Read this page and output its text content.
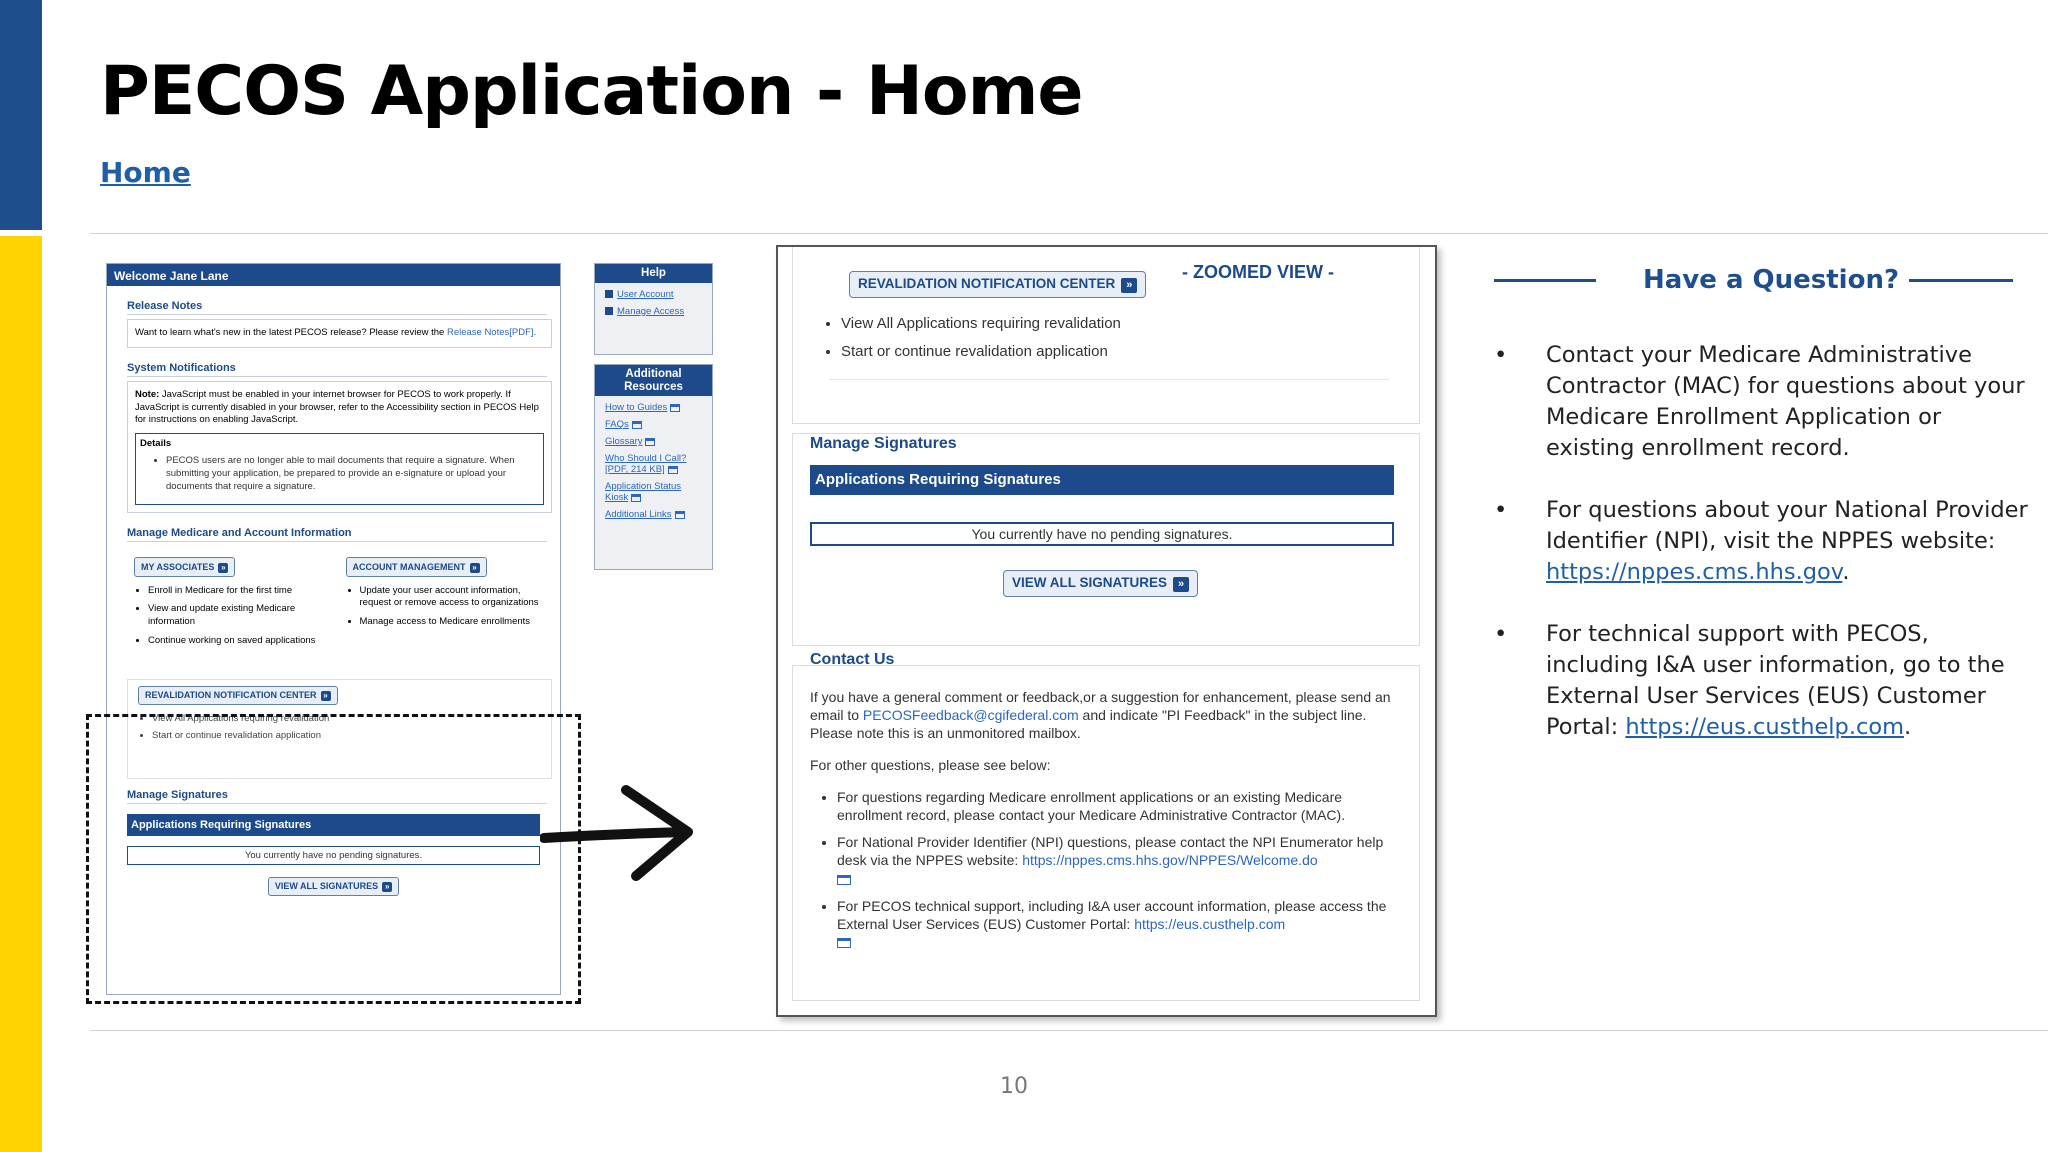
PECOS Application - Home
Home
Welcome Jane Lane
Release Notes
Want to learn what's new in the latest PECOS release? Please review the Release Notes[PDF].
System Notifications
Note: JavaScript must be enabled in your internet browser for PECOS to work properly. If JavaScript is currently disabled in your browser, refer to the Accessibility section in PECOS Help for instructions on enabling JavaScript.
Details
• PECOS users are no longer able to mail documents that require a signature. When submitting your application, be prepared to provide an e-signature or upload your documents that require a signature.
Manage Medicare and Account Information
MY ASSOCIATES »
• Enroll in Medicare for the first time
• View and update existing Medicare information
• Continue working on saved applications
ACCOUNT MANAGEMENT »
• Update your user account information, request or remove access to organizations
• Manage access to Medicare enrollments
REVALIDATION NOTIFICATION CENTER »
• View All Applications requiring revalidation
• Start or continue revalidation application
Manage Signatures
Applications Requiring Signatures
You currently have no pending signatures.
VIEW ALL SIGNATURES »
Help
User Account
Manage Access
Additional Resources
How to Guides
FAQs
Glossary
Who Should I Call? [PDF, 214 KB]
Application Status Kiosk
Additional Links
REVALIDATION NOTIFICATION CENTER »
• View All Applications requiring revalidation
• Start or continue revalidation application
- ZOOMED VIEW -
Manage Signatures
Applications Requiring Signatures
You currently have no pending signatures.
VIEW ALL SIGNATURES »
Contact Us

If you have a general comment or feedback,or a suggestion for enhancement, please send an email to PECOSFeedback@cgifederal.com and indicate "PI Feedback" in the subject line. Please note this is an unmonitored mailbox.

For other questions, please see below:

• For questions regarding Medicare enrollment applications or an existing Medicare enrollment record, please contact your Medicare Administrative Contractor (MAC).
• For National Provider Identifier (NPI) questions, please contact the NPI Enumerator help desk via the NPPES website: https://nppes.cms.hhs.gov/NPPES/Welcome.do

• For PECOS technical support, including I&A user account information, please access the External User Services (EUS) Customer Portal: https://eus.custhelp.com

Have a Question?
• Contact your Medicare Administrative Contractor (MAC) for questions about your Medicare Enrollment Application or existing enrollment record.
• For questions about your National Provider Identifier (NPI), visit the NPPES website: https://nppes.cms.hhs.gov.
• For technical support with PECOS, including I&A user information, go to the External User Services (EUS) Customer Portal: https://eus.custhelp.com.
10
